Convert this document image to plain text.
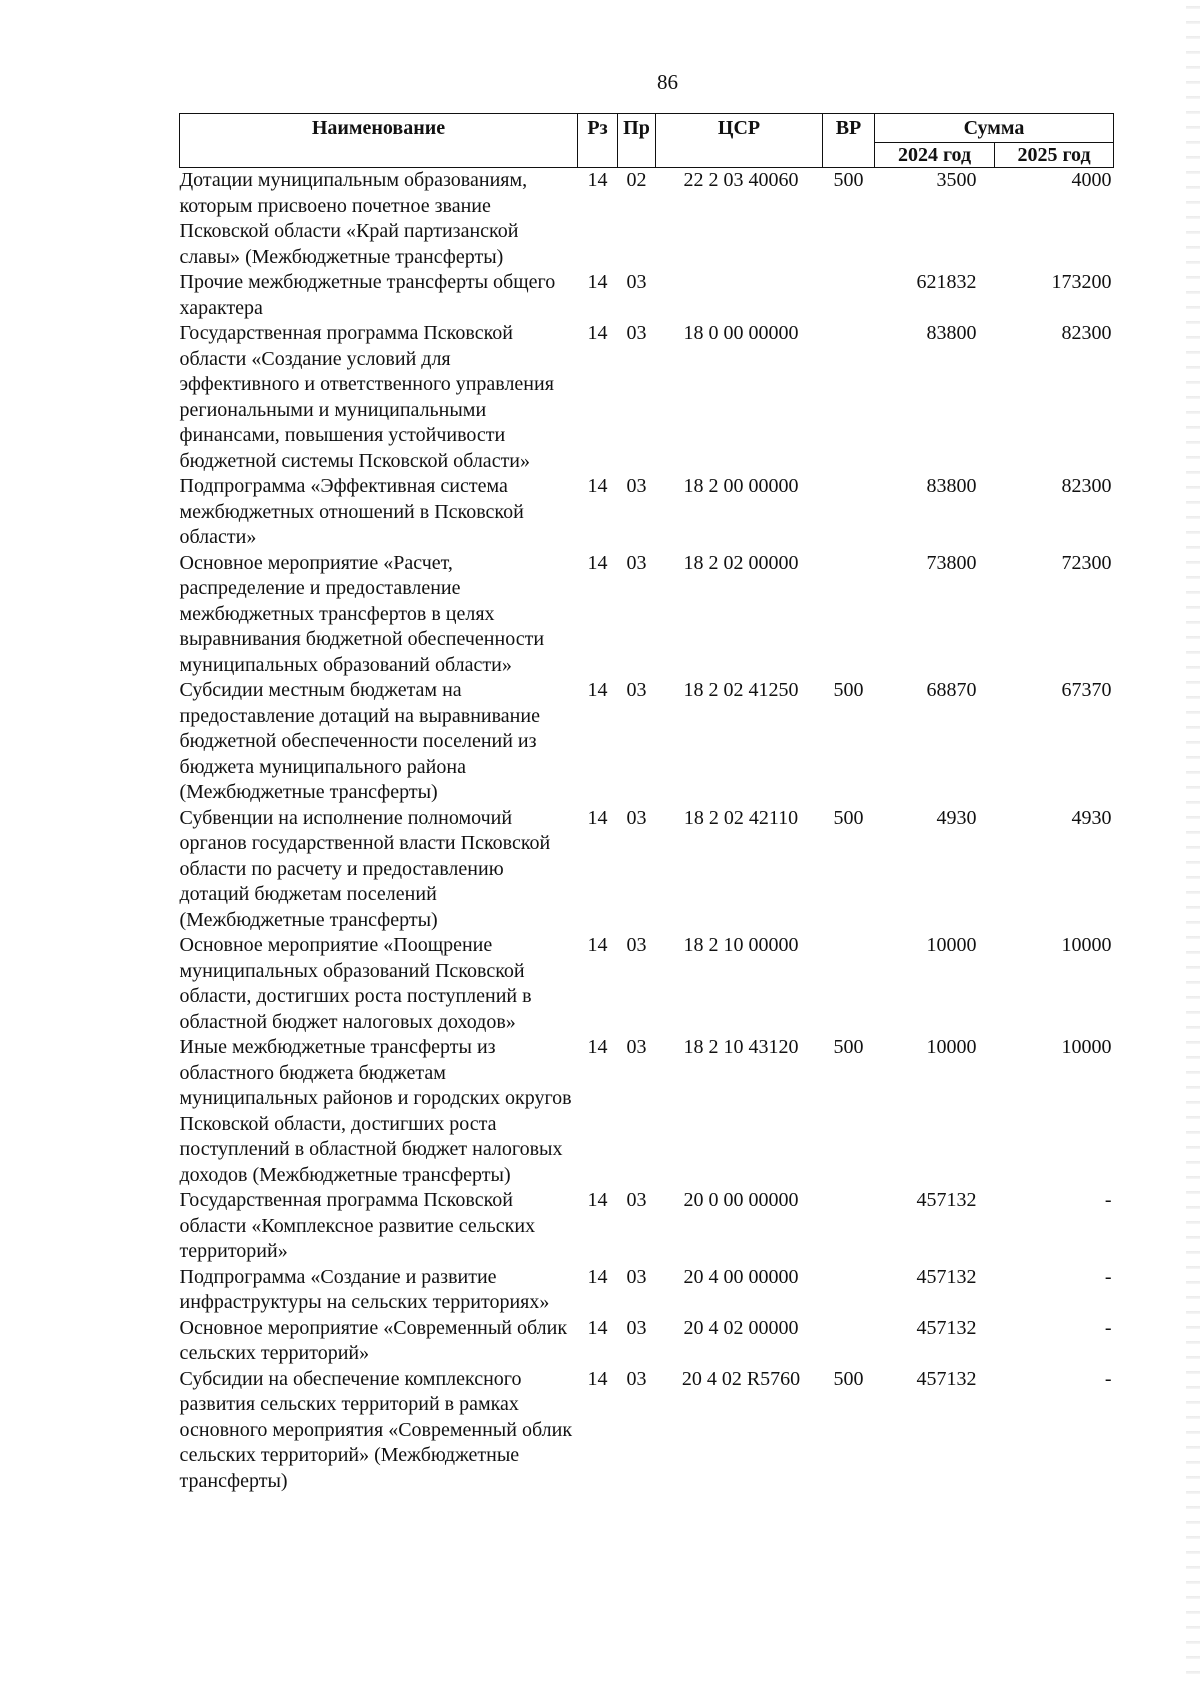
86
Наименование	Рз	Пр	ЦСР	ВР	Сумма	
					2024 год	2025 год
Дотации муниципальным образованиям, которым присвоено почетное звание Псковской области «Край партизанской славы» (Межбюджетные трансферты)	14	02	22 2 03 40060	500	3500	4000
Прочие межбюджетные трансферты общего характера	14	03			621832	173200
Государственная программа Псковской области «Создание условий для эффективного и ответственного управления региональными и муниципальными финансами, повышения устойчивости бюджетной системы Псковской области»	14	03	18 0 00 00000		83800	82300
Подпрограмма «Эффективная система межбюджетных отношений в Псковской области»	14	03	18 2 00 00000		83800	82300
Основное мероприятие «Расчет, распределение и предоставление межбюджетных трансфертов в целях выравнивания бюджетной обеспеченности муниципальных образований области»	14	03	18 2 02 00000		73800	72300
Субсидии местным бюджетам на предоставление дотаций на выравнивание бюджетной обеспеченности поселений из бюджета муниципального района (Межбюджетные трансферты)	14	03	18 2 02 41250	500	68870	67370
Субвенции на исполнение полномочий органов государственной власти Псковской области по расчету и предоставлению дотаций бюджетам поселений (Межбюджетные трансферты)	14	03	18 2 02 42110	500	4930	4930
Основное мероприятие «Поощрение муниципальных образований Псковской области, достигших роста поступлений в областной бюджет налоговых доходов»	14	03	18 2 10 00000		10000	10000
Иные межбюджетные трансферты из областного бюджета бюджетам муниципальных районов и городских округов Псковской области, достигших роста поступлений в областной бюджет налоговых доходов (Межбюджетные трансферты)	14	03	18 2 10 43120	500	10000	10000
Государственная программа Псковской области «Комплексное развитие сельских территорий»	14	03	20 0 00 00000		457132	-
Подпрограмма «Создание и развитие инфраструктуры на сельских территориях»	14	03	20 4 00 00000		457132	-
Основное мероприятие «Современный облик сельских территорий»	14	03	20 4 02 00000		457132	-
Субсидии на обеспечение комплексного развития сельских территорий в рамках основного мероприятия «Современный облик сельских территорий» (Межбюджетные трансферты)	14	03	20 4 02 R5760	500	457132	-
